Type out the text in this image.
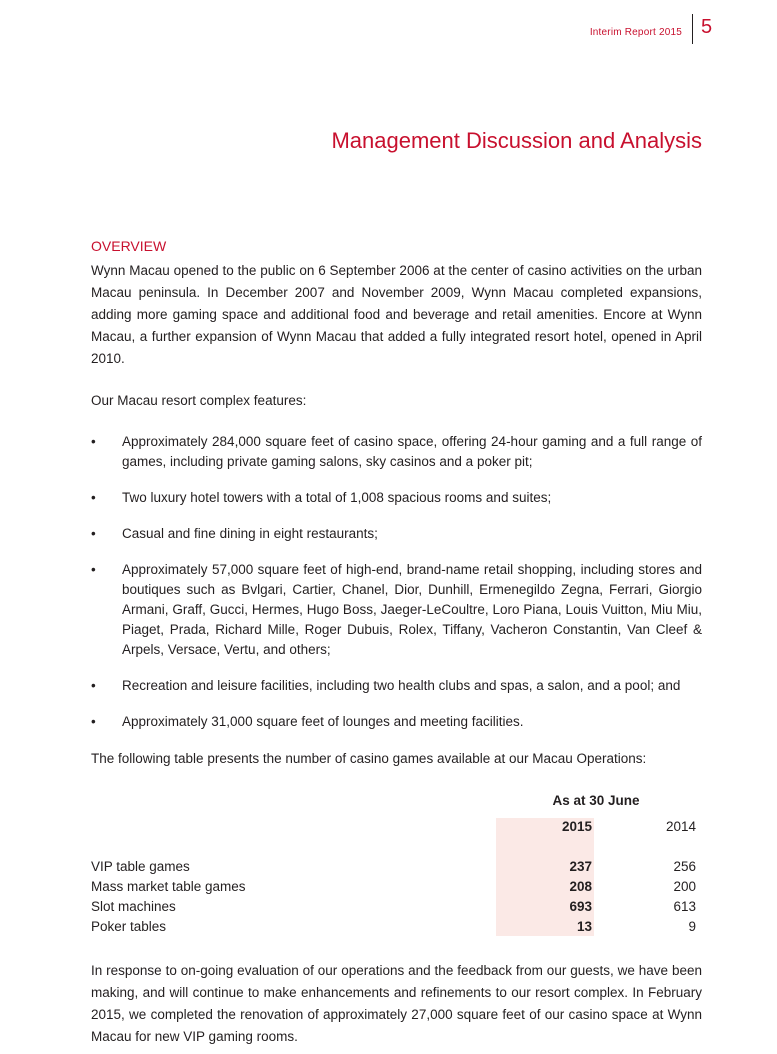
Interim Report 2015 5
Management Discussion and Analysis
OVERVIEW

Wynn Macau opened to the public on 6 September 2006 at the center of casino activities on the urban Macau peninsula. In December 2007 and November 2009, Wynn Macau completed expansions, adding more gaming space and additional food and beverage and retail amenities. Encore at Wynn Macau, a further expansion of Wynn Macau that added a fully integrated resort hotel, opened in April 2010.

Our Macau resort complex features:

• Approximately 284,000 square feet of casino space, offering 24-hour gaming and a full range of games, including private gaming salons, sky casinos and a poker pit;
• Two luxury hotel towers with a total of 1,008 spacious rooms and suites;
• Casual and fine dining in eight restaurants;
• Approximately 57,000 square feet of high-end, brand-name retail shopping, including stores and boutiques such as Bvlgari, Cartier, Chanel, Dior, Dunhill, Ermenegildo Zegna, Ferrari, Giorgio Armani, Graff, Gucci, Hermes, Hugo Boss, Jaeger-LeCoultre, Loro Piana, Louis Vuitton, Miu Miu, Piaget, Prada, Richard Mille, Roger Dubuis, Rolex, Tiffany, Vacheron Constantin, Van Cleef & Arpels, Versace, Vertu, and others;
• Recreation and leisure facilities, including two health clubs and spas, a salon, and a pool; and
• Approximately 31,000 square feet of lounges and meeting facilities.

The following table presents the number of casino games available at our Macau Operations:

As at 30 June
2015	2014
VIP table games	237	256
Mass market table games	208	200
Slot machines	693	613
Poker tables	13	9

In response to on-going evaluation of our operations and the feedback from our guests, we have been making, and will continue to make enhancements and refinements to our resort complex. In February 2015, we completed the renovation of approximately 27,000 square feet of our casino space at Wynn Macau for new VIP gaming rooms.
